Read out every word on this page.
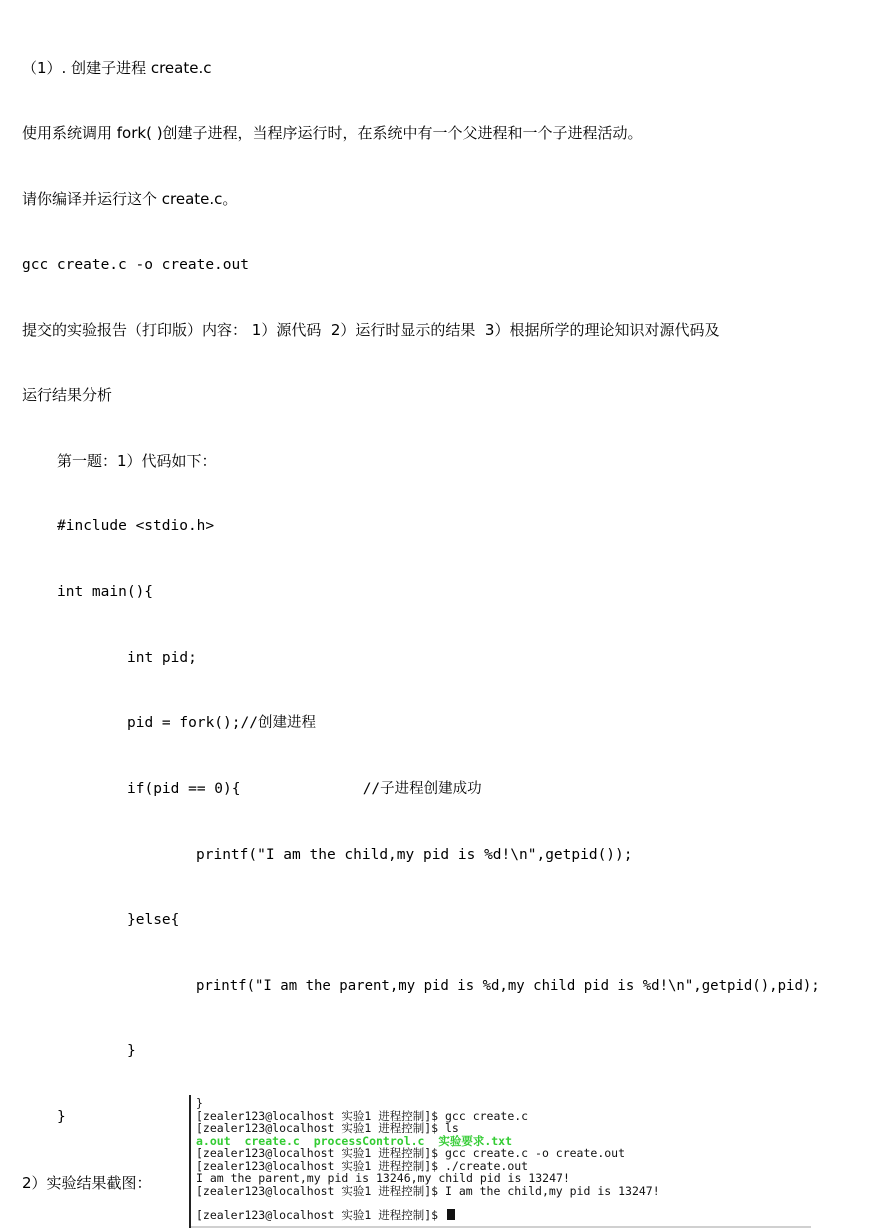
（1）. 创建子进程 create.c
使用系统调用 fork( )创建子进程，当程序运行时，在系统中有一个父进程和一个子进程活动。
请你编译并运行这个 create.c。
gcc create.c -o create.out
提交的实验报告（打印版）内容： 1）源代码  2）运行时显示的结果  3）根据所学的理论知识对源代码及
运行结果分析
第一题：1）代码如下：
#include <stdio.h>
int main(){
int pid;
pid = fork();//创建进程
if(pid == 0){              //子进程创建成功
printf("I am the child,my pid is %d!\n",getpid());
}else{
printf("I am the parent,my pid is %d,my child pid is %d!\n",getpid(),pid);
}
}
2）实验结果截图：
}
[zealer123@localhost 实验1 进程控制]$ gcc create.c
[zealer123@localhost 实验1 进程控制]$ ls
a.out  create.c  processControl.c  实验要求.txt
[zealer123@localhost 实验1 进程控制]$ gcc create.c -o create.out
[zealer123@localhost 实验1 进程控制]$ ./create.out
I am the parent,my pid is 13246,my child pid is 13247!
[zealer123@localhost 实验1 进程控制]$ I am the child,my pid is 13247!
[zealer123@localhost 实验1 进程控制]$
